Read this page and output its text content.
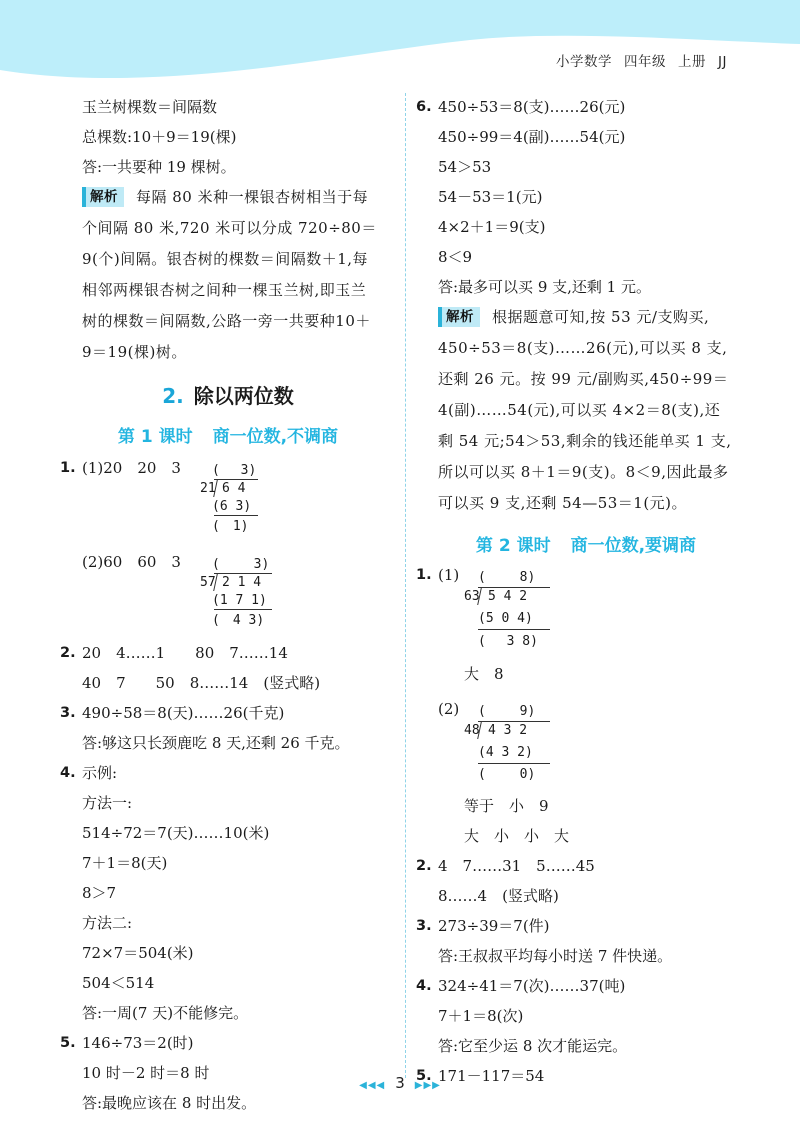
小学数学 四年级 上册 JJ
玉兰树棵数＝间隔数
总棵数:10＋9＝19(棵)
答:一共要种 19 棵树。
解析 每隔 80 米种一棵银杏树相当于每
个间隔 80 米,720 米可以分成 720÷80＝
9(个)间隔。银杏树的棵数＝间隔数＋1,每
相邻两棵银杏树之间种一棵玉兰树,即玉兰
树的棵数＝间隔数,公路一旁一共要种10＋
9＝19(棵)树。
2. 除以两位数
第 1 课时 商一位数,不调商
1. (1)20　20　3

	(　 3)

21

6 4

(6 3)

(　1)

(2)60　60　3

	(　 　3)

57

2 1 4

(1 7 1)

(　4 3)

2. 20　4……1　　80　7……14
40　7　　50　8……14　(竖式略)
3. 490÷58＝8(天)……26(千克)
答:够这只长颈鹿吃 8 天,还剩 26 千克。
4. 示例:
方法一:
514÷72＝7(天)……10(米)
7＋1＝8(天)
8＞7
方法二:
72×7＝504(米)
504＜514
答:一周(7 天)不能修完。
5. 146÷73＝2(时)
10 时－2 时＝8 时
答:最晚应该在 8 时出发。
6. 450÷53＝8(支)……26(元)
450÷99＝4(副)……54(元)
54＞53
54－53＝1(元)
4×2＋1＝9(支)
8＜9
答:最多可以买 9 支,还剩 1 元。
解析 根据题意可知,按 53 元/支购买,
450÷53＝8(支)……26(元),可以买 8 支,
还剩 26 元。按 99 元/副购买,450÷99＝
4(副)……54(元),可以买 4×2＝8(支),还
剩 54 元;54＞53,剩余的钱还能单买 1 支,
所以可以买 8＋1＝9(支)。8＜9,因此最多
可以买 9 支,还剩 54—53＝1(元)。
第 2 课时 商一位数,要调商
1. (1)

	(　 　8)

63

5 4 2

(5 0 4)

(　 3 8)

大　8
(2)

	(　 　9)

48

4 3 2

(4 3 2)

(　　 0)

等于　小　9
大　小　小　大
2. 4　7……31　5……45
8……4　(竖式略)
3. 273÷39＝7(件)
答:王叔叔平均每小时送 7 件快递。
4. 324÷41＝7(次)……37(吨)
7＋1＝8(次)
答:它至少运 8 次才能运完。
5. 171－117＝54
◀◀◀ 3 ▶▶▶
